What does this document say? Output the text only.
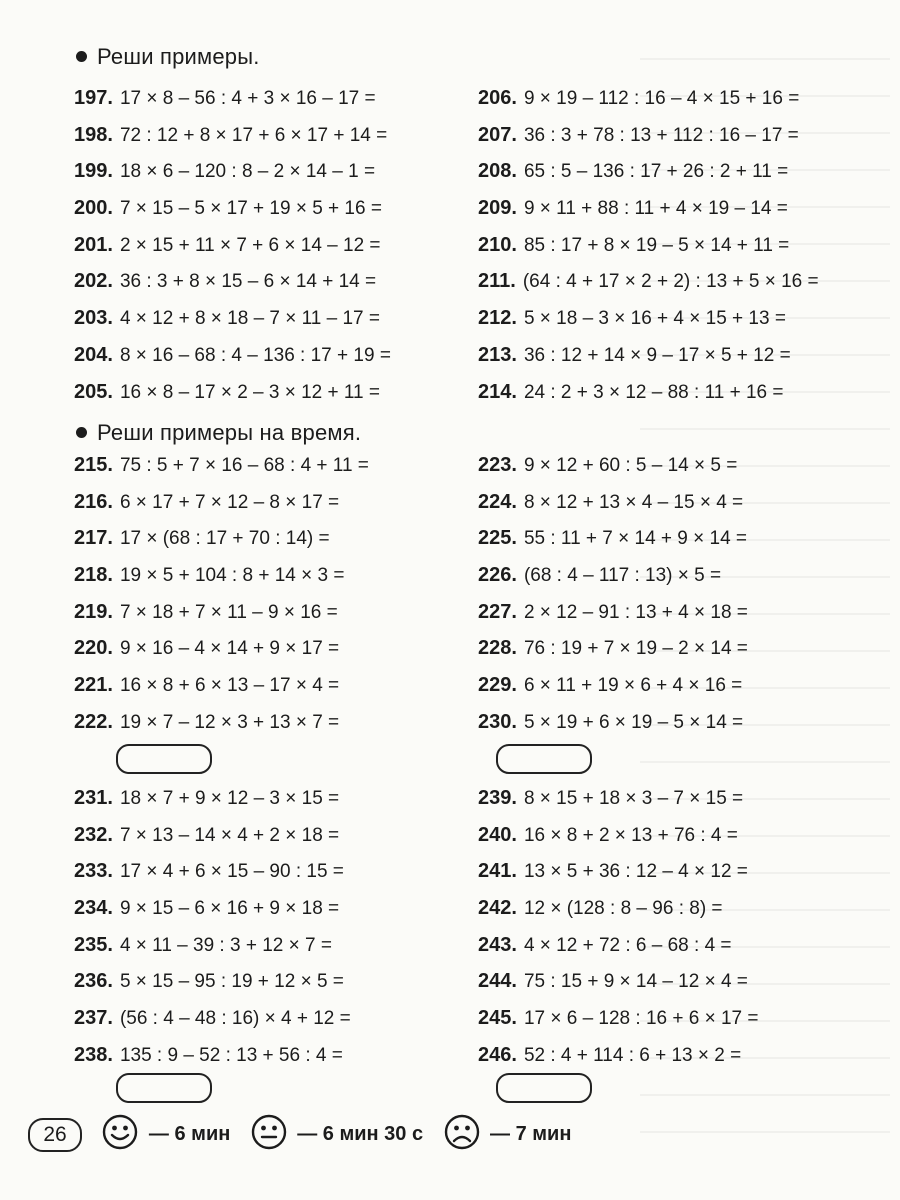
Реши примеры.
197. 17 × 8 – 56 : 4 + 3 × 16 – 17 =
198. 72 : 12 + 8 × 17 + 6 × 17 + 14 =
199. 18 × 6 – 120 : 8 – 2 × 14 – 1 =
200. 7 × 15 – 5 × 17 + 19 × 5 + 16 =
201. 2 × 15 + 11 × 7 + 6 × 14 – 12 =
202. 36 : 3 + 8 × 15 – 6 × 14 + 14 =
203. 4 × 12 + 8 × 18 – 7 × 11 – 17 =
204. 8 × 16 – 68 : 4 – 136 : 17 + 19 =
205. 16 × 8 – 17 × 2 – 3 × 12 + 11 =
206. 9 × 19 – 112 : 16 – 4 × 15 + 16 =
207. 36 : 3 + 78 : 13 + 112 : 16 – 17 =
208. 65 : 5 – 136 : 17 + 26 : 2 + 11 =
209. 9 × 11 + 88 : 11 + 4 × 19 – 14 =
210. 85 : 17 + 8 × 19 – 5 × 14 + 11 =
211. (64 : 4 + 17 × 2 + 2) : 13 + 5 × 16 =
212. 5 × 18 – 3 × 16 + 4 × 15 + 13 =
213. 36 : 12 + 14 × 9 – 17 × 5 + 12 =
214. 24 : 2 + 3 × 12 – 88 : 11 + 16 =
Реши примеры на время.
215. 75 : 5 + 7 × 16 – 68 : 4 + 11 =
216. 6 × 17 + 7 × 12 – 8 × 17 =
217. 17 × (68 : 17 + 70 : 14) =
218. 19 × 5 + 104 : 8 + 14 × 3 =
219. 7 × 18 + 7 × 11 – 9 × 16 =
220. 9 × 16 – 4 × 14 + 9 × 17 =
221. 16 × 8 + 6 × 13 – 17 × 4 =
222. 19 × 7 – 12 × 3 + 13 × 7 =
223. 9 × 12 + 60 : 5 – 14 × 5 =
224. 8 × 12 + 13 × 4 – 15 × 4 =
225. 55 : 11 + 7 × 14 + 9 × 14 =
226. (68 : 4 – 117 : 13) × 5 =
227. 2 × 12 – 91 : 13 + 4 × 18 =
228. 76 : 19 + 7 × 19 – 2 × 14 =
229. 6 × 11 + 19 × 6 + 4 × 16 =
230. 5 × 19 + 6 × 19 – 5 × 14 =
231. 18 × 7 + 9 × 12 – 3 × 15 =
232. 7 × 13 – 14 × 4 + 2 × 18 =
233. 17 × 4 + 6 × 15 – 90 : 15 =
234. 9 × 15 – 6 × 16 + 9 × 18 =
235. 4 × 11 – 39 : 3 + 12 × 7 =
236. 5 × 15 – 95 : 19 + 12 × 5 =
237. (56 : 4 – 48 : 16) × 4 + 12 =
238. 135 : 9 – 52 : 13 + 56 : 4 =
239. 8 × 15 + 18 × 3 – 7 × 15 =
240. 16 × 8 + 2 × 13 + 76 : 4 =
241. 13 × 5 + 36 : 12 – 4 × 12 =
242. 12 × (128 : 8 – 96 : 8) =
243. 4 × 12 + 72 : 6 – 68 : 4 =
244. 75 : 15 + 9 × 14 – 12 × 4 =
245. 17 × 6 – 128 : 16 + 6 × 17 =
246. 52 : 4 + 114 : 6 + 13 × 2 =
26	— 6 мин	— 6 мин 30 с	— 7 мин
